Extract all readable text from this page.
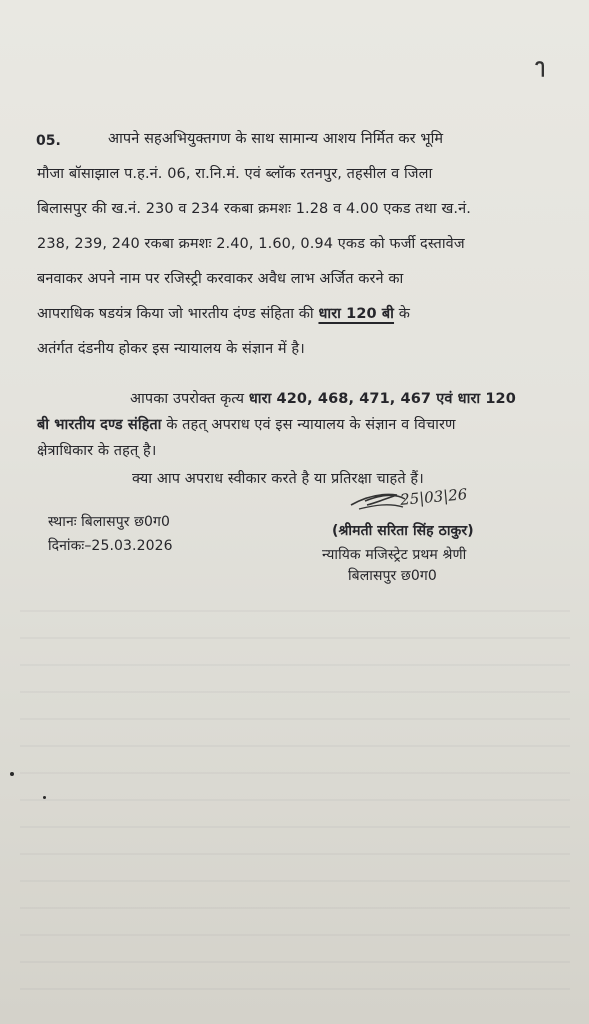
ๅ
05.	आपने सहअभियुक्तगण के साथ सामान्य आशय निर्मित कर भूमि
मौजा बॉसाझाल प.ह.नं. 06, रा.नि.मं. एवं ब्लॉक रतनपुर, तहसील व जिला
बिलासपुर की ख.नं. 230 व 234 रकबा क्रमशः 1.28 व 4.00 एकड तथा ख.नं.
238, 239, 240 रकबा क्रमशः 2.40, 1.60, 0.94 एकड को फर्जी दस्तावेज
बनवाकर अपने नाम पर रजिस्ट्री करवाकर अवैध लाभ अर्जित करने का
आपराधिक षडयंत्र किया जो भारतीय दंण्ड संहिता की धारा 120 बी के
अतंर्गत दंडनीय होकर इस न्यायालय के संज्ञान में है।
आपका उपरोक्त कृत्य धारा 420, 468, 471, 467 एवं धारा 120
बी भारतीय दण्ड संहिता के तहत् अपराध एवं इस न्यायालय के संज्ञान व विचारण
क्षेत्राधिकार के तहत् है।
क्या आप अपराध स्वीकार करते है या प्रतिरक्षा चाहते हैं।
स्थानः बिलासपुर छ0ग0
दिनांकः–25.03.2026
25|03|26
(श्रीमती सरिता सिंह ठाकुर)
न्यायिक मजिस्ट्रेट प्रथम श्रेणी
बिलासपुर छ0ग0
